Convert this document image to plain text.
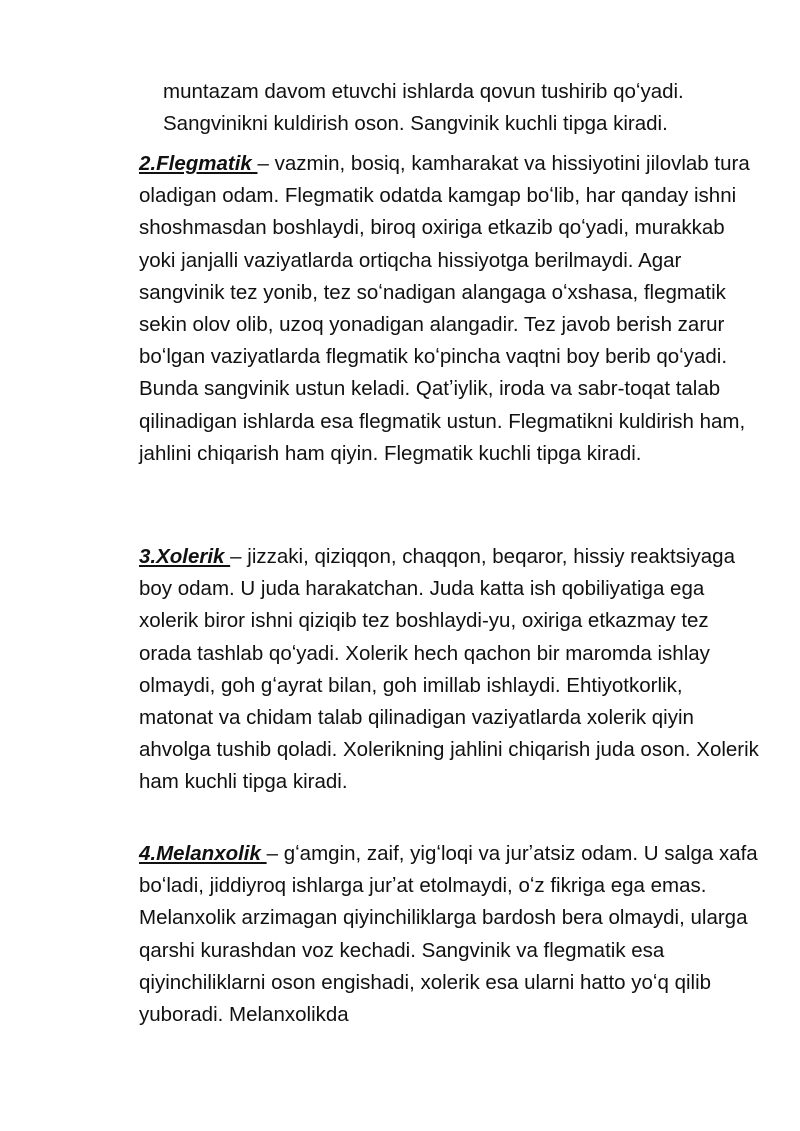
muntazam davom etuvchi ishlarda qovun tushirib qoʻyadi. Sangvinikni kuldirish oson. Sangvinik kuchli tipga kiradi.

2.Flegmatik – vazmin, bosiq, kamharakat va hissiyotini jilovlab tura oladigan odam. Flegmatik odatda kamgap boʻlib, har qanday ishni shoshmasdan boshlaydi, biroq oxiriga etkazib qoʻyadi, murakkab yoki janjalli vaziyatlarda ortiqcha hissiyotga berilmaydi. Agar sangvinik tez yonib, tez soʻnadigan alangaga oʻxshasa, flegmatik sekin olov olib, uzoq yonadigan alangadir. Tez javob berish zarur boʻlgan vaziyatlarda flegmatik koʻpincha vaqtni boy berib qoʻyadi. Bunda sangvinik ustun keladi. Qatʼiylik, iroda va sabr-toqat talab qilinadigan ishlarda esa flegmatik ustun. Flegmatikni kuldirish ham, jahlini chiqarish ham qiyin. Flegmatik kuchli tipga kiradi.

3.Xolerik – jizzaki, qiziqqon, chaqqon, beqaror, hissiy reaktsiyaga boy odam. U juda harakatchan. Juda katta ish qobiliyatiga ega xolerik biror ishni qiziqib tez boshlaydi-yu, oxiriga etkazmay tez orada tashlab qoʻyadi. Xolerik hech qachon bir maromda ishlay olmaydi, goh gʻayrat bilan, goh imillab ishlaydi. Ehtiyotkorlik, matonat va chidam talab qilinadigan vaziyatlarda xolerik qiyin ahvolga tushib qoladi. Xolerikning jahlini chiqarish juda oson. Xolerik ham kuchli tipga kiradi.

4.Melanxolik – gʻamgin, zaif, yigʻloqi va jurʼatsiz odam. U salga xafa boʻladi, jiddiyroq ishlarga jurʼat etolmaydi, oʻz fikriga ega emas. Melanxolik arzimagan qiyinchiliklarga bardosh bera olmaydi, ularga qarshi kurashdan voz kechadi. Sangvinik va flegmatik esa qiyinchiliklarni oson engishadi, xolerik esa ularni hatto yoʻq qilib yuboradi. Melanxolikda
